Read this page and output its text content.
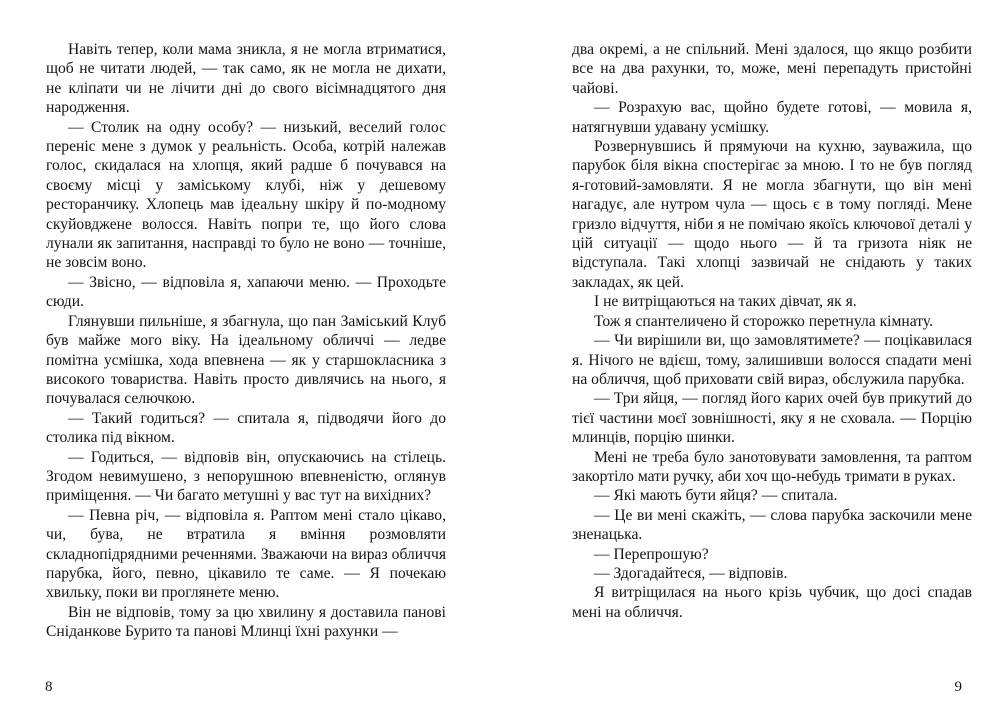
Навіть тепер, коли мама зникла, я не могла втриматися, щоб не читати людей, — так само, як не могла не дихати, не кліпати чи не лічити дні до свого вісімнадцятого дня народження.

— Столик на одну особу? — низький, веселий голос переніс мене з думок у реальність. Особа, котрій належав голос, скидалася на хлопця, який радше б почувався на своєму місці у заміському клубі, ніж у дешевому ресторанчику. Хлопець мав ідеальну шкіру й по-модному скуйовджене волосся. Навіть попри те, що його слова лунали як запитання, насправді то було не воно — точніше, не зовсім воно.

— Звісно, — відповіла я, хапаючи меню. — Проходьте сюди.

Глянувши пильніше, я збагнула, що пан Заміський Клуб був майже мого віку. На ідеальному обличчі — ледве помітна усмішка, хода впевнена — як у старшокласника з високого товариства. Навіть просто дивлячись на нього, я почувалася селючкою.

— Такий годиться? — спитала я, підводячи його до столика під вікном.

— Годиться, — відповів він, опускаючись на стілець. Згодом невимушено, з непорушною впевненістю, оглянув приміщення. — Чи багато метушні у вас тут на вихідних?

— Певна річ, — відповіла я. Раптом мені стало цікаво, чи, бува, не втратила я вміння розмовляти складнопідрядними реченнями. Зважаючи на вираз обличчя парубка, його, певно, цікавило те саме. — Я почекаю хвильку, поки ви проглянете меню.

Він не відповів, тому за цю хвилину я доставила панові Сніданкове Бурито та панові Млинці їхні рахунки —

два окремі, а не спільний. Мені здалося, що якщо розбити все на два рахунки, то, може, мені перепадуть пристойні чайові.

— Розрахую вас, щойно будете готові, — мовила я, натягнувши удавану усмішку.

Розвернувшись й прямуючи на кухню, зауважила, що парубок біля вікна спостерігає за мною. І то не був погляд я-готовий-замовляти. Я не могла збагнути, що він мені нагадує, але нутром чула — щось є в тому погляді. Мене гризло відчуття, ніби я не помічаю якоїсь ключової деталі у цій ситуації — щодо нього — й та гризота ніяк не відступала. Такі хлопці зазвичай не снідають у таких закладах, як цей.

І не витріщаються на таких дівчат, як я.

Тож я спантеличено й сторожко перетнула кімнату.

— Чи вирішили ви, що замовлятимете? — поцікавилася я. Нічого не вдієш, тому, залишивши волосся спадати мені на обличчя, щоб приховати свій вираз, обслужила парубка.

— Три яйця, — погляд його карих очей був прикутий до тієї частини моєї зовнішності, яку я не сховала. — Порцію млинців, порцію шинки.

Мені не треба було занотовувати замовлення, та раптом закортіло мати ручку, аби хоч що-небудь тримати в руках.

— Які мають бути яйця? — спитала.

— Це ви мені скажіть, — слова парубка заскочили мене зненацька.

— Перепрошую?

— Здогадайтеся, — відповів.

Я витріщилася на нього крізь чубчик, що досі спадав мені на обличчя.

8	9
